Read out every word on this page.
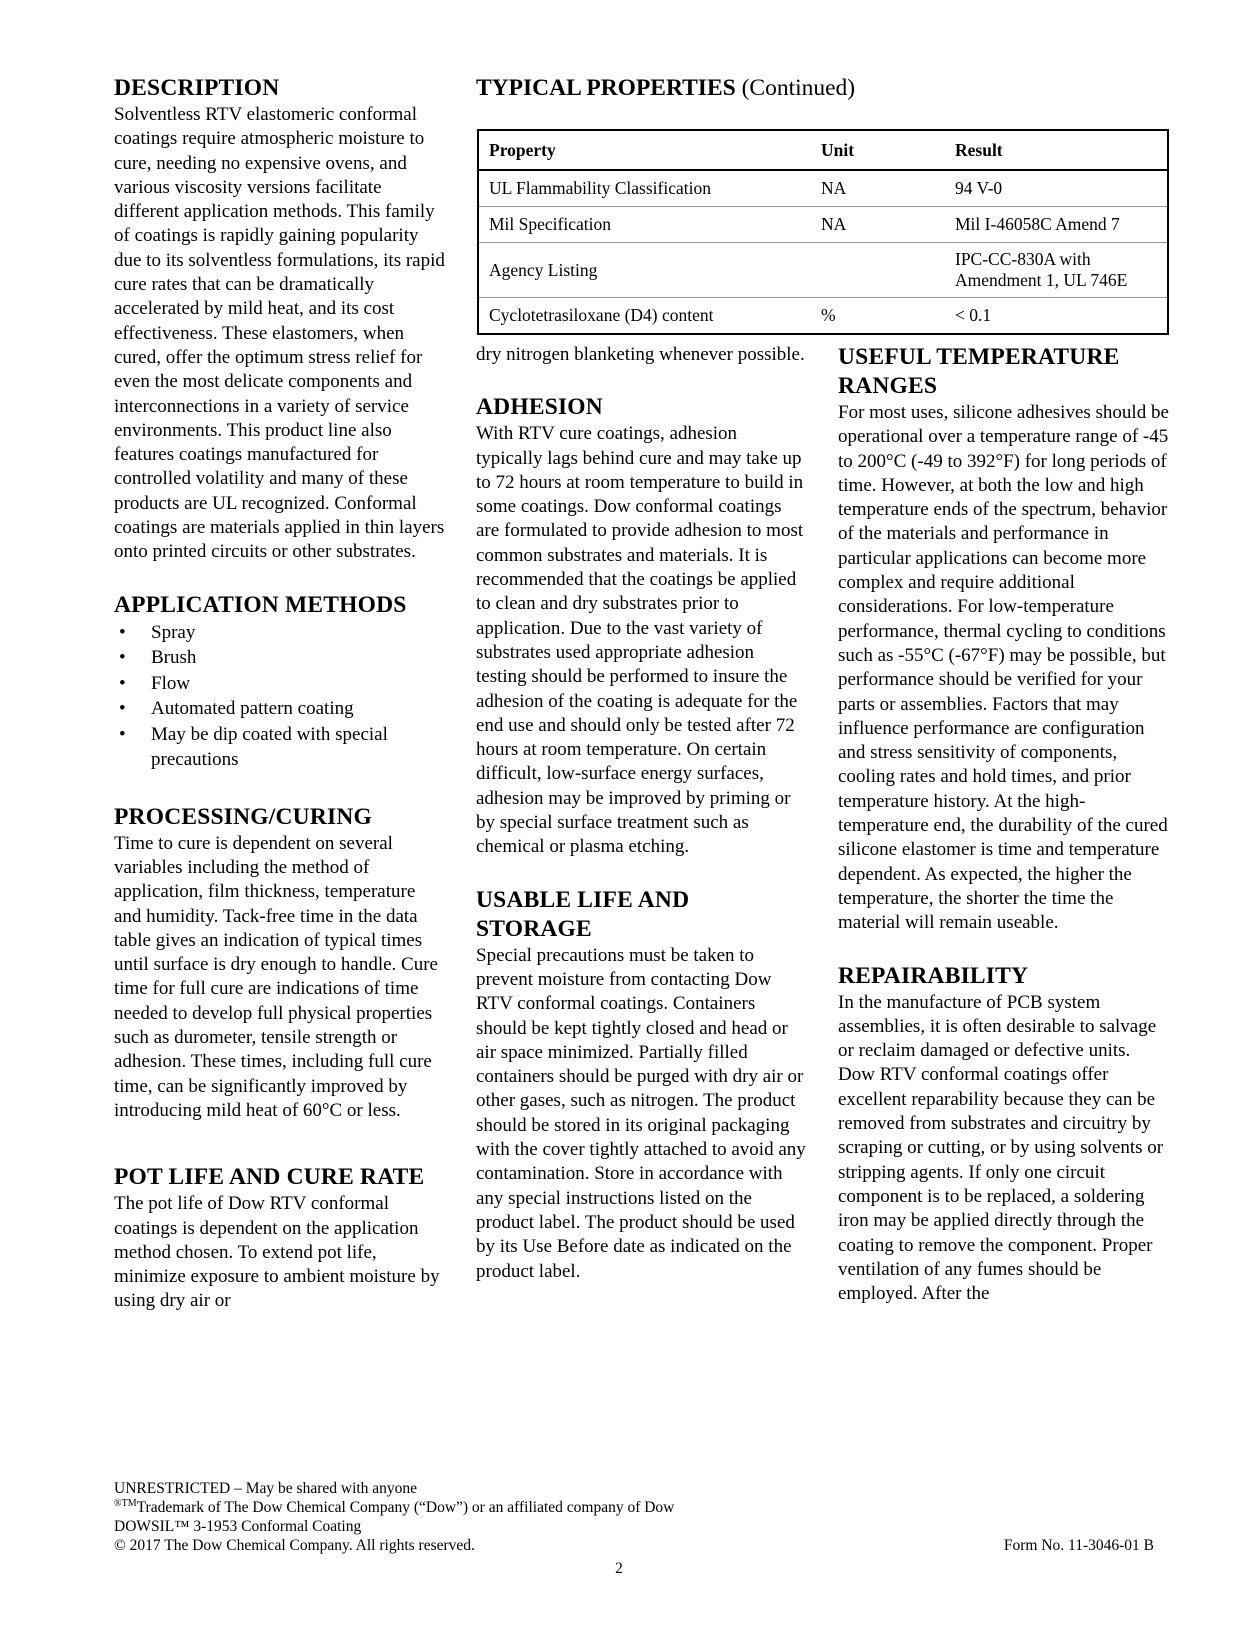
DESCRIPTION

Solventless RTV elastomeric conformal coatings require atmospheric moisture to cure, needing no expensive ovens, and various viscosity versions facilitate different application methods. This family of coatings is rapidly gaining popularity due to its solventless formulations, its rapid cure rates that can be dramatically accelerated by mild heat, and its cost effectiveness. These elastomers, when cured, offer the optimum stress relief for even the most delicate components and interconnections in a variety of service environments. This product line also features coatings manufactured for controlled volatility and many of these products are UL recognized. Conformal coatings are materials applied in thin layers onto printed circuits or other substrates.

APPLICATION METHODS
• Spray
• Brush
• Flow
• Automated pattern coating
• May be dip coated with special precautions
PROCESSING/CURING

Time to cure is dependent on several variables including the method of application, film thickness, temperature and humidity. Tack-free time in the data table gives an indication of typical times until surface is dry enough to handle. Cure time for full cure are indications of time needed to develop full physical properties such as durometer, tensile strength or adhesion. These times, including full cure time, can be significantly improved by introducing mild heat of 60°C or less.

POT LIFE AND CURE RATE

The pot life of Dow RTV conformal coatings is dependent on the application method chosen. To extend pot life, minimize exposure to ambient moisture by using dry air or

TYPICAL PROPERTIES (Continued)
Property	Unit	Result
UL Flammability Classification	NA	94 V-0
Mil Specification	NA	Mil I-46058C Amend 7
Agency Listing		IPC-CC-830A with Amendment 1, UL 746E
Cyclotetrasiloxane (D4) content	%	< 0.1

dry nitrogen blanketing whenever possible.

ADHESION

With RTV cure coatings, adhesion typically lags behind cure and may take up to 72 hours at room temperature to build in some coatings. Dow conformal coatings are formulated to provide adhesion to most common substrates and materials. It is recommended that the coatings be applied to clean and dry substrates prior to application. Due to the vast variety of substrates used appropriate adhesion testing should be performed to insure the adhesion of the coating is adequate for the end use and should only be tested after 72 hours at room temperature. On certain difficult, low-surface energy surfaces, adhesion may be improved by priming or by special surface treatment such as chemical or plasma etching.

USABLE LIFE AND STORAGE

Special precautions must be taken to prevent moisture from contacting Dow RTV conformal coatings. Containers should be kept tightly closed and head or air space minimized. Partially filled containers should be purged with dry air or other gases, such as nitrogen. The product should be stored in its original packaging with the cover tightly attached to avoid any contamination. Store in accordance with any special instructions listed on the product label. The product should be used by its Use Before date as indicated on the product label.

USEFUL TEMPERATURE RANGES

For most uses, silicone adhesives should be operational over a temperature range of -45 to 200°C (-49 to 392°F) for long periods of time. However, at both the low and high temperature ends of the spectrum, behavior of the materials and performance in particular applications can become more complex and require additional considerations. For low-temperature performance, thermal cycling to conditions such as -55°C (-67°F) may be possible, but performance should be verified for your parts or assemblies. Factors that may influence performance are configuration and stress sensitivity of components, cooling rates and hold times, and prior temperature history. At the high-temperature end, the durability of the cured silicone elastomer is time and temperature dependent. As expected, the higher the temperature, the shorter the time the material will remain useable.

REPAIRABILITY

In the manufacture of PCB system assemblies, it is often desirable to salvage or reclaim damaged or defective units. Dow RTV conformal coatings offer excellent reparability because they can be removed from substrates and circuitry by scraping or cutting, or by using solvents or stripping agents. If only one circuit component is to be replaced, a soldering iron may be applied directly through the coating to remove the component. Proper ventilation of any fumes should be employed. After the

UNRESTRICTED – May be shared with anyone
$^{®TM}$Trademark of The Dow Chemical Company (“Dow”) or an affiliated company of Dow
DOWSIL™ 3-1953 Conformal Coating
© 2017 The Dow Chemical Company. All rights reserved.	Form No. 11-3046-01 B
2
